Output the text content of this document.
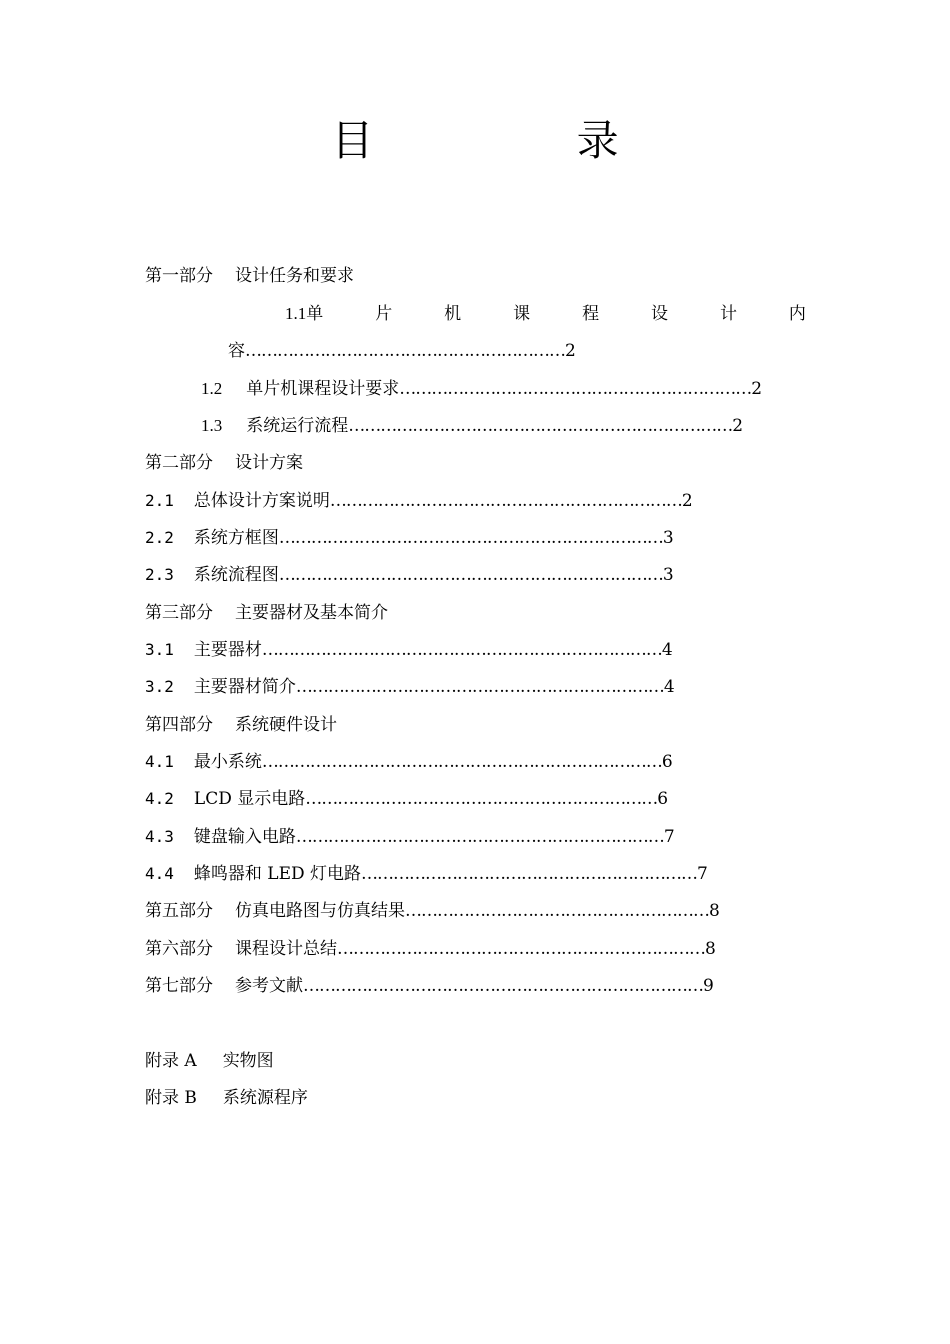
目 录
第一部分 设计任务和要求
1.1单	片	机	课	程	设	计	内
容 …………………………………………………… 2
1.2 单片机课程设计要求 ………………………………………………………… 2
1.3 系统运行流程 ……………………………………………………………… 2
第二部分 设计方案
2.1 总体设计方案说明 ………………………………………………………… 2
2.2 系统方框图 ……………………………………………………………… 3
2.3 系统流程图 ……………………………………………………………… 3
第三部分 主要器材及基本简介
3.1 主要器材 ………………………………………………………………… 4
3.2 主要器材简介 …………………………………………………………… 4
第四部分 系统硬件设计
4.1 最小系统 ………………………………………………………………… 6
4.2 LCD 显示电路 ………………………………………………………… 6
4.3 键盘输入电路 …………………………………………………………… 7
4.4 蜂鸣器和 LED 灯电路 ……………………………………………………… 7
第五部分 仿真电路图与仿真结果 ………………………………………………… 8
第六部分 课程设计总结 …………………………………………………………… 8
第七部分 参考文献 ………………………………………………………………… 9
附录 A 实物图
附录 B 系统源程序
